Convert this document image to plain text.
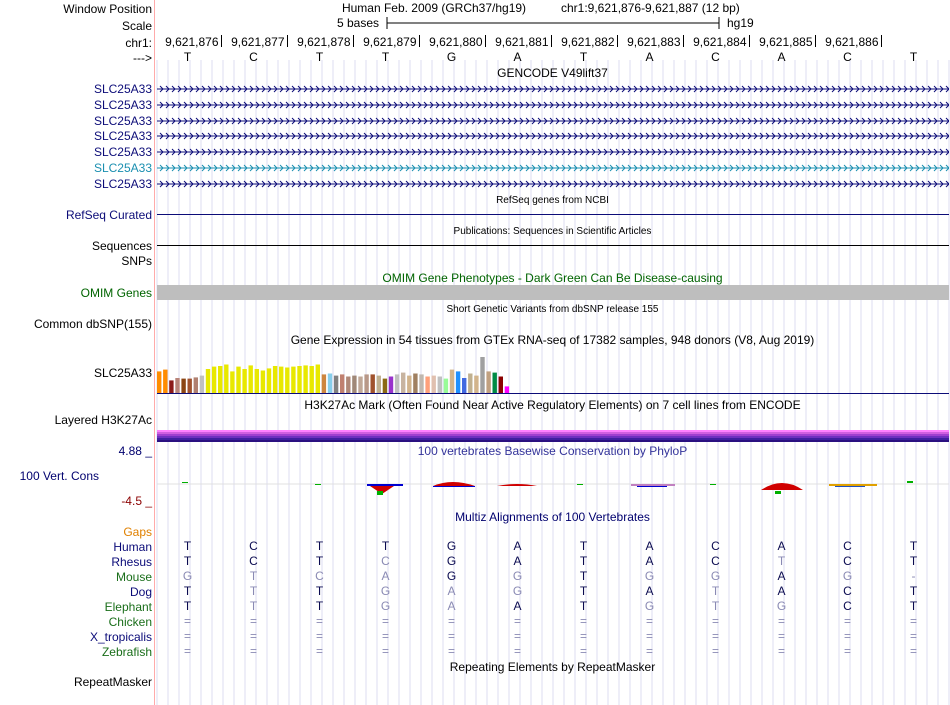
Window Position	Human Feb. 2009 (GRCh37/hg19)	chr1:9,621,876-9,621,887 (12 bp)
Scale	5 bases	hg19
chr1:	9,621,876	9,621,877	9,621,878	9,621,879	9,621,880	9,621,881	9,621,882	9,621,883	9,621,884	9,621,885	9,621,886
--->	T	C	T	T	G	A	T	A	C	A	C	T
GENCODE V49lift37
SLC25A33
SLC25A33
SLC25A33
SLC25A33
SLC25A33
SLC25A33
SLC25A33
RefSeq genes from NCBI
RefSeq Curated
Publications: Sequences in Scientific Articles
Sequences
SNPs
OMIM Gene Phenotypes - Dark Green Can Be Disease-causing
OMIM Genes
Short Genetic Variants from dbSNP release 155
Common dbSNP(155)
Gene Expression in 54 tissues from GTEx RNA-seq of 17382 samples, 948 donors (V8, Aug 2019)
SLC25A33
H3K27Ac Mark (Often Found Near Active Regulatory Elements) on 7 cell lines from ENCODE
Layered H3K27Ac
4.88 _	100 vertebrates Basewise Conservation by PhyloP
100 Vert. Cons
-4.5 _
Multiz Alignments of 100 Vertebrates
Gaps
Human	T	C	T	T	G	A	T	A	C	A	C	T
Rhesus	T	C	T	C	G	A	T	A	C	T	C	T
Mouse	G	T	C	A	G	G	T	G	G	A	G	-
Dog	T	T	T	G	A	G	T	A	T	A	C	T
Elephant	T	T	T	G	A	A	T	G	T	G	C	T
Chicken	=	=	=	=	=	=	=	=	=	=	=	=
X_tropicalis	=	=	=	=	=	=	=	=	=	=	=	=
Zebrafish	=	=	=	=	=	=	=	=	=	=	=	=
Repeating Elements by RepeatMasker
RepeatMasker
